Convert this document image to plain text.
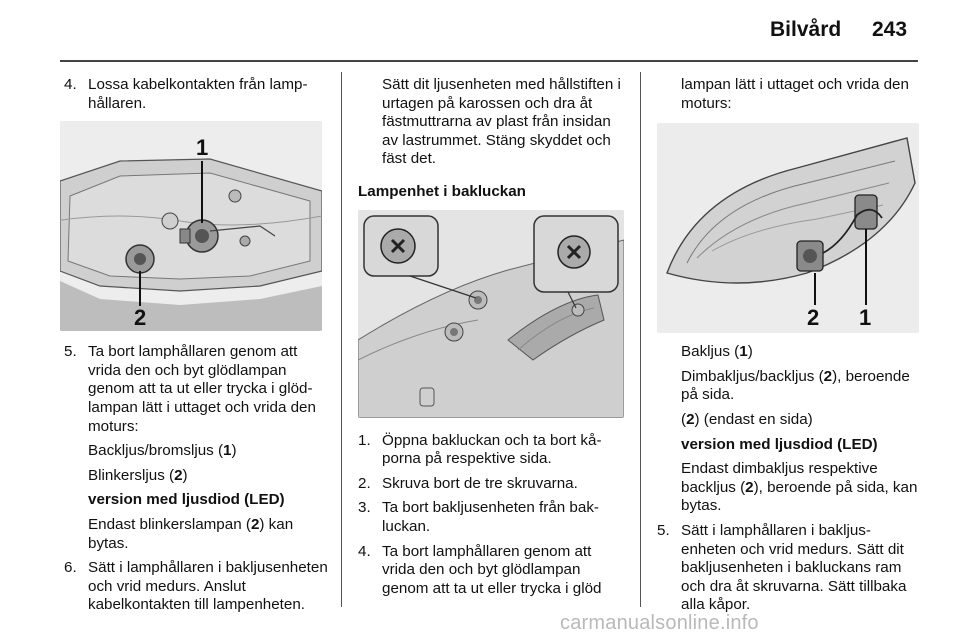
Bilvård 243
4. Lossa kabelkontakten från lamphållaren.
1
2
5. Ta bort lamphållaren genom att vrida den och byt glödlampan genom att ta ut eller trycka i glödlampan lätt i uttaget och vrida den moturs:
Backljus/bromsljus (1)
Blinkersljus (2)
version med ljusdiod (LED)
Endast blinkerslampan (2) kan bytas.
6. Sätt i lamphållaren i bakljusenheten och vrid medurs. Anslut kabelkontakten till lampenheten.
Sätt dit ljusenheten med hållstiften i urtagen på karossen och dra åt fästmuttrarna av plast från insidan av lastrummet. Stäng skyddet och fäst det.
Lampenhet i bakluckan
1. Öppna bakluckan och ta bort kåporna på respektive sida.
2. Skruva bort de tre skruvarna.
3. Ta bort bakljusenheten från bakluckan.
4. Ta bort lamphållaren genom att vrida den och byt glödlampan genom att ta ut eller trycka i glöd
lampan lätt i uttaget och vrida den moturs:
2 1
Bakljus (1)
Dimbakljus/backljus (2), beroende på sida.
(2) (endast en sida)
version med ljusdiod (LED)
Endast dimbakljus respektive backljus (2), beroende på sida, kan bytas.
5. Sätt i lamphållaren i bakljusenheten och vrid medurs. Sätt dit bakljusenheten i bakluckans ram och dra åt skruvarna. Sätt tillbaka alla kåpor.
carmanualsonline.info
